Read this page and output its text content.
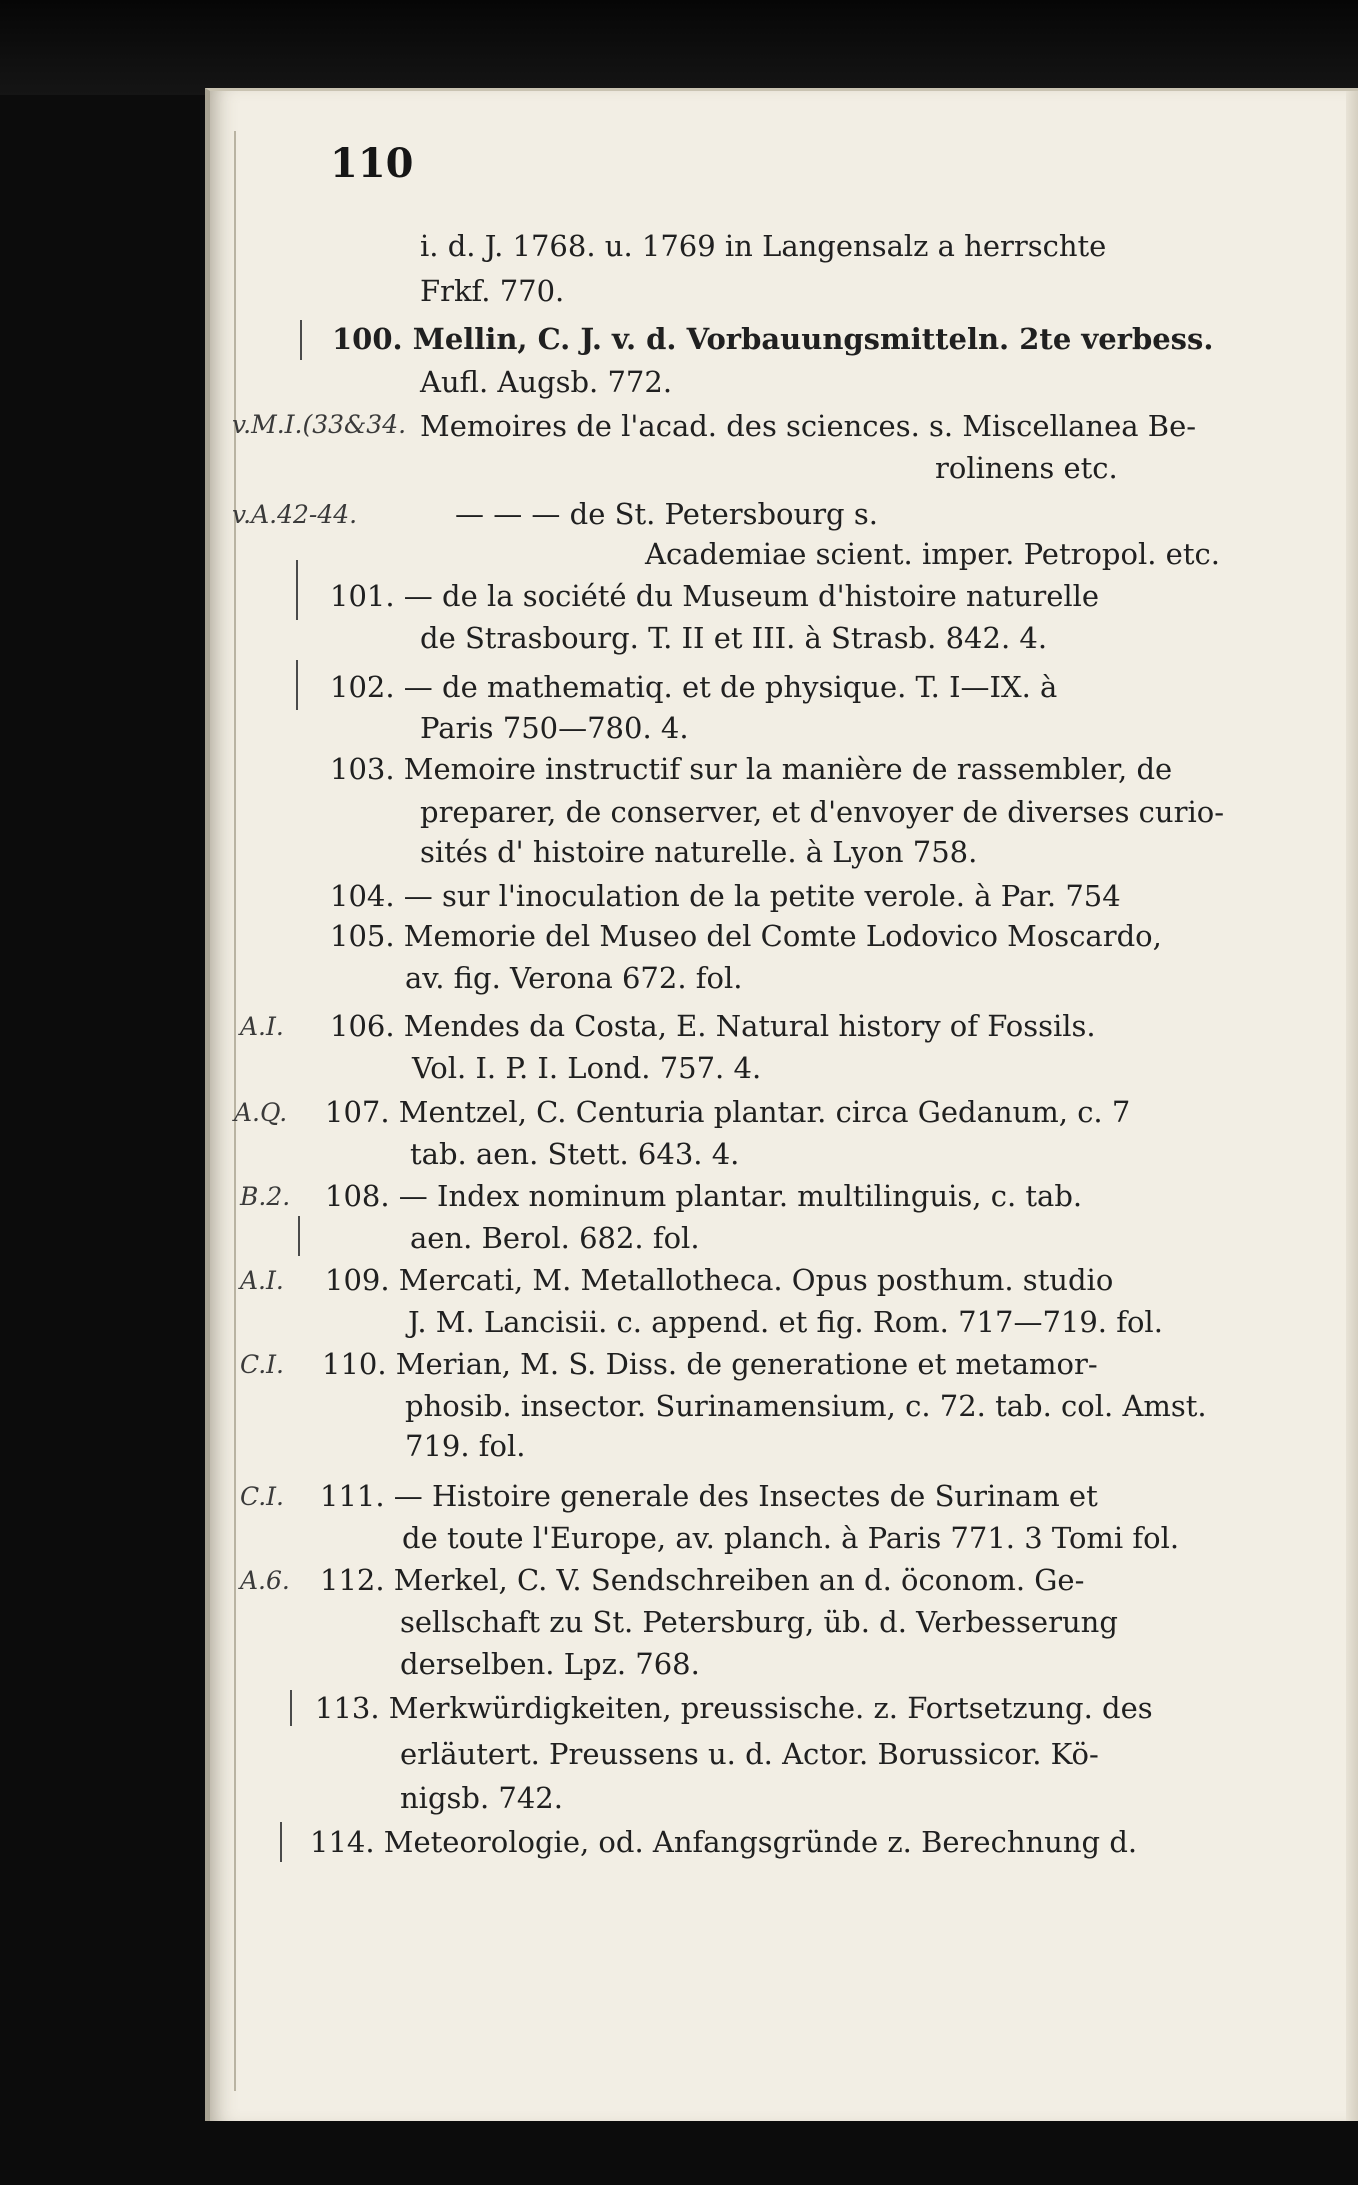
110
i. d. J. 1768. u. 1769 in Langensalz a herrschte
Frkf. 770.
100. Mellin, C. J. v. d. Vorbauungsmitteln. 2te verbess.
Aufl. Augsb. 772.
Memoires de l'acad. des sciences. s. Miscellanea Be-
rolinens etc.
— — — de St. Petersbourg s.
Academiae scient. imper. Petropol. etc.
101. — de la société du Museum d'histoire naturelle
de Strasbourg. T. II et III. à Strasb. 842. 4.
102. — de mathematiq. et de physique. T. I—IX. à
Paris 750—780. 4.
103. Memoire instructif sur la manière de rassembler, de
preparer, de conserver, et d'envoyer de diverses curio-
sités d' histoire naturelle. à Lyon 758.
104. — sur l'inoculation de la petite verole. à Par. 754
105. Memorie del Museo del Comte Lodovico Moscardo,
av. fig. Verona 672. fol.
106. Mendes da Costa, E. Natural history of Fossils.
Vol. I. P. I. Lond. 757. 4.
107. Mentzel, C. Centuria plantar. circa Gedanum, c. 7
tab. aen. Stett. 643. 4.
108. — Index nominum plantar. multilinguis, c. tab.
aen. Berol. 682. fol.
109. Mercati, M. Metallotheca. Opus posthum. studio
J. M. Lancisii. c. append. et fig. Rom. 717—719. fol.
110. Merian, M. S. Diss. de generatione et metamor-
phosib. insector. Surinamensium, c. 72. tab. col. Amst.
719. fol.
111. — Histoire generale des Insectes de Surinam et
de toute l'Europe, av. planch. à Paris 771. 3 Tomi fol.
112. Merkel, C. V. Sendschreiben an d. öconom. Ge-
sellschaft zu St. Petersburg, üb. d. Verbesserung
derselben. Lpz. 768.
113. Merkwürdigkeiten, preussische. z. Fortsetzung. des
erläutert. Preussens u. d. Actor. Borussicor. Kö-
nigsb. 742.
114. Meteorologie, od. Anfangsgründe z. Berechnung d.
v.M.I.(33&34.
v.A.42-44.
A.I.
A.Q.
B.2.
A.I.
C.I.
C.I.
A.6.
